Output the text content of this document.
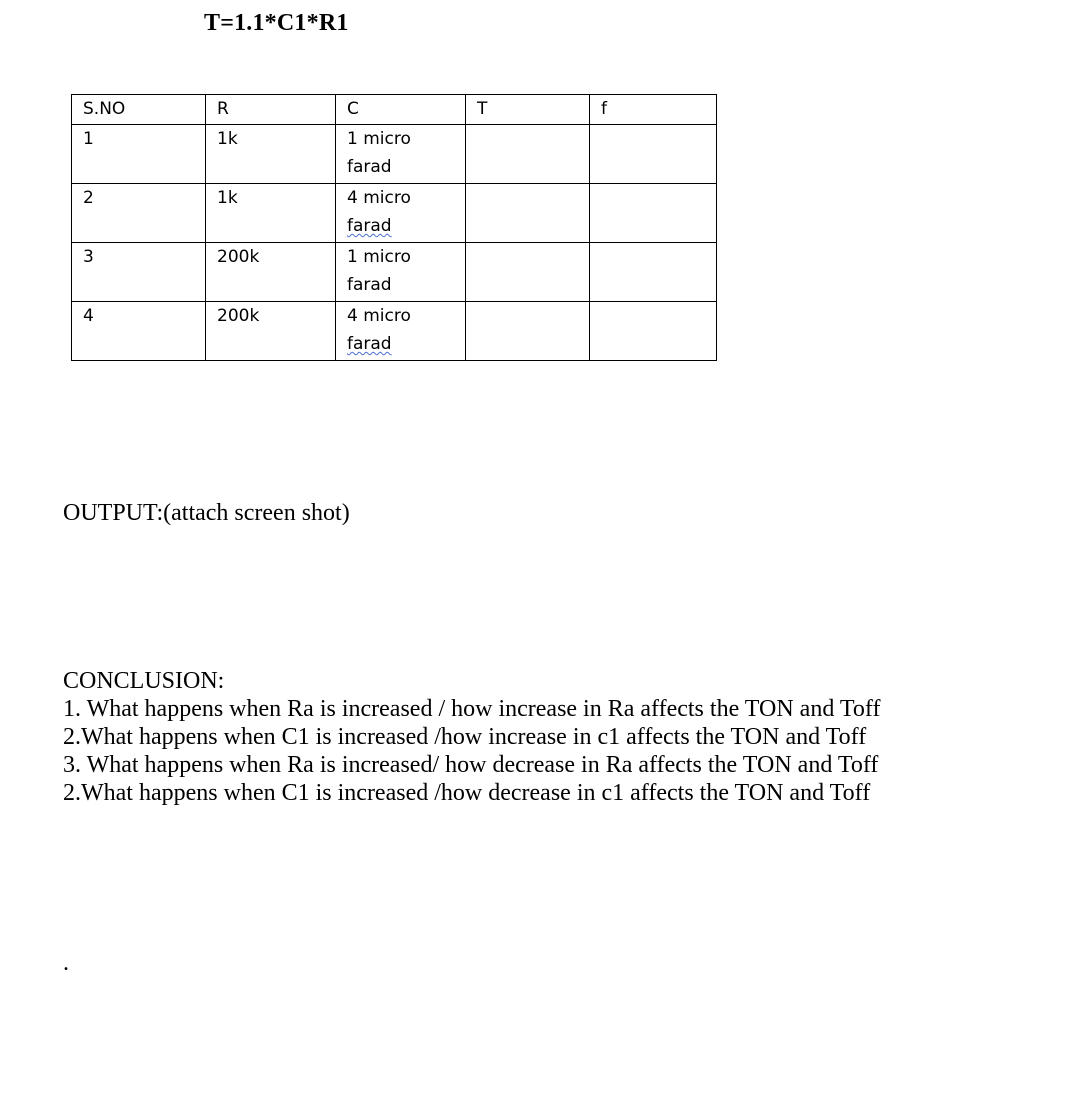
T=1.1*C1*R1
S.NO	R	C	T	f
1	1k	1 micro
farad		

2	1k	4 micro
farad		

3	200k	1 micro
farad		

4	200k	4 micro
farad		

OUTPUT:(attach screen shot)
CONCLUSION:
1. What happens when Ra is increased / how increase in Ra affects the TON and Toff
2.What happens when C1 is increased /how increase in c1 affects the TON and Toff
3. What happens when Ra is increased/ how decrease in Ra affects the TON and Toff
2.What happens when C1 is increased /how decrease in c1 affects the TON and Toff
.
